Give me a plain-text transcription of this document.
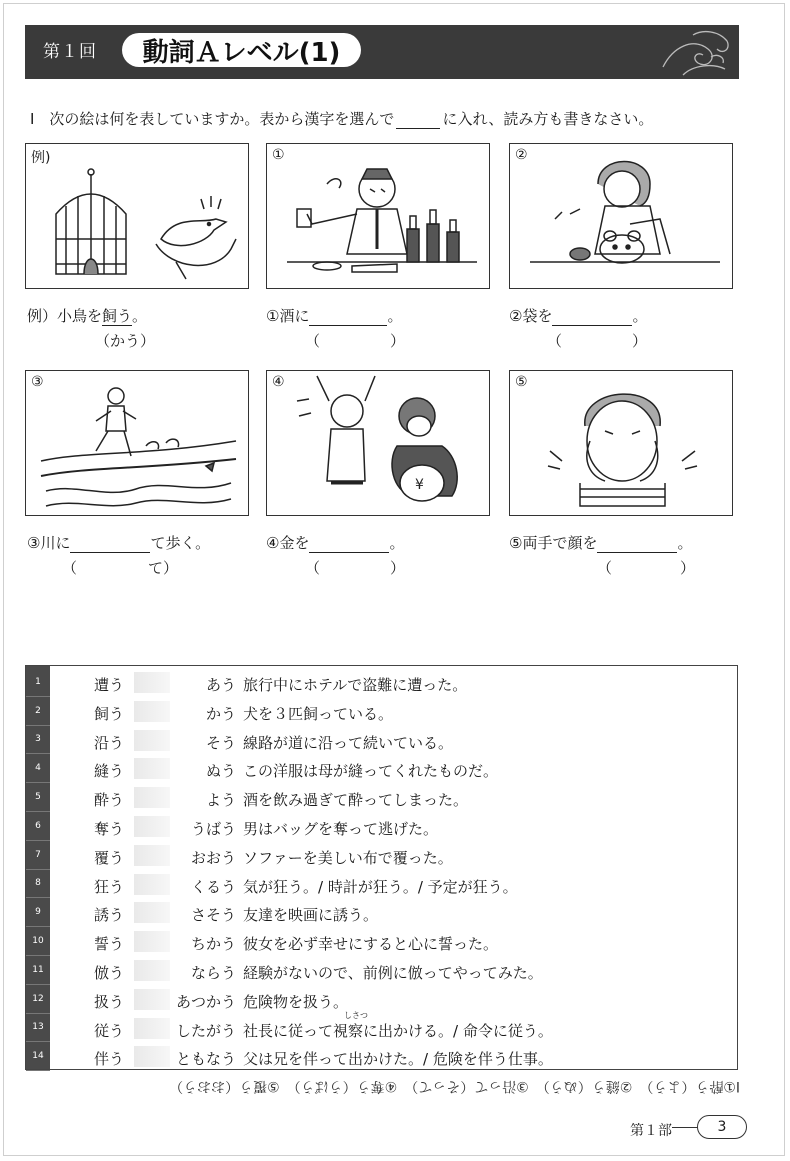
第１回	動詞Ａレベル(1)
Ⅰ　次の絵は何を表していますか。表から漢字を選んで	に入れ、読み方も書きなさい。
例)	①	②
③	④
¥
⑤
例）小鳥を飼う。
（かう）
①酒に	。
（	）
②袋を	。
（	）
③川に	て歩く。
（	て）
④金を	。
（	）
⑤両手で顔を	。
（	）
1	遭う	あう 旅行中にホテルで盗難に遭った。
2	飼う	かう 犬を３匹飼っている。
3	沿う	そう 線路が道に沿って続いている。
4	縫う	ぬう この洋服は母が縫ってくれたものだ。
5	酔う	よう 酒を飲み過ぎて酔ってしまった。
6	奪う	うばう 男はバッグを奪って逃げた。
7	覆う	おおう ソファーを美しい布で覆った。
8	狂う	くるう 気が狂う。/ 時計が狂う。/ 予定が狂う。
9	誘う	さそう 友達を映画に誘う。
10	誓う	ちかう 彼女を必ず幸せにすると心に誓った。
11	倣う	ならう 経験がないので、前例に倣ってやってみた。
12	扱う	あつかう 危険物を扱う。
13	従う	したがう 社長に従って視察に出かける。/ 命令に従う。
しさつ
14	伴う	ともなう 父は兄を伴って出かけた。/ 危険を伴う仕事。
Ⅰ①酔う（よう）　②縫う（ぬう）　③沿って（そって）　④奪う（うばう）　⑤覆う（おおう）
第１部	3
